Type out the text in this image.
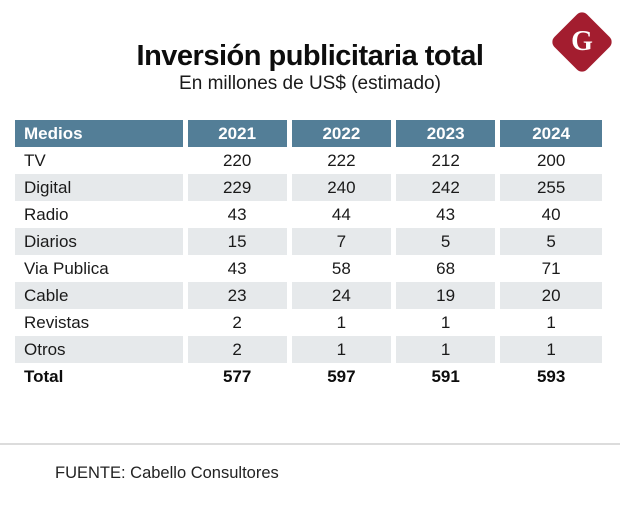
Inversión publicitaria total
En millones de US$ (estimado)
G
Medios	2021	2022	2023	2024
TV	220	222	212	200
Digital	229	240	242	255
Radio	43	44	43	40
Diarios	15	7	5	5
Via Publica	43	58	68	71
Cable	23	24	19	20
Revistas	2	1	1	1
Otros	2	1	1	1
Total	577	597	591	593
FUENTE: Cabello Consultores
